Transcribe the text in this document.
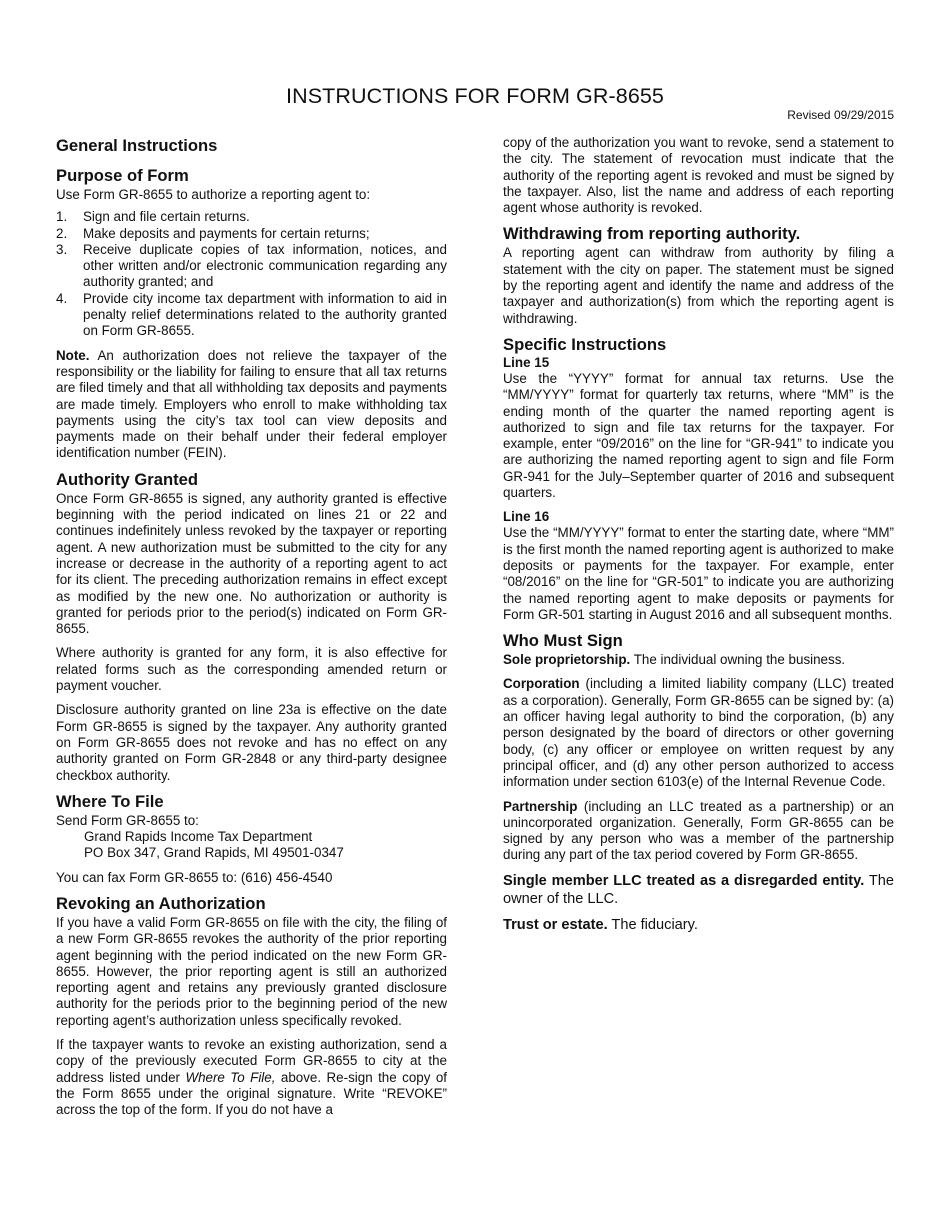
INSTRUCTIONS FOR FORM GR-8655
Revised 09/29/2015
General Instructions
Purpose of Form

Use Form GR-8655 to authorize a reporting agent to:

1.	Sign and file certain returns.
2.	Make deposits and payments for certain returns;
3.	Receive duplicate copies of tax information, notices, and other written and/or electronic communication regarding any authority granted; and
4.	Provide city income tax department with information to aid in penalty relief determinations related to the authority granted on Form GR-8655.

Note. An authorization does not relieve the taxpayer of the responsibility or the liability for failing to ensure that all tax returns are filed timely and that all withholding tax deposits and payments are made timely. Employers who enroll to make withholding tax payments using the city’s tax tool can view deposits and payments made on their behalf under their federal employer identification number (FEIN).

Authority Granted

Once Form GR-8655 is signed, any authority granted is effective beginning with the period indicated on lines 21 or 22 and continues indefinitely unless revoked by the taxpayer or reporting agent. A new authorization must be submitted to the city for any increase or decrease in the authority of a reporting agent to act for its client. The preceding authorization remains in effect except as modified by the new one. No authorization or authority is granted for periods prior to the period(s) indicated on Form GR-8655.

Where authority is granted for any form, it is also effective for related forms such as the corresponding amended return or payment voucher.

Disclosure authority granted on line 23a is effective on the date Form GR-8655 is signed by the taxpayer. Any authority granted on Form GR-8655 does not revoke and has no effect on any authority granted on Form GR-2848 or any third-party designee checkbox authority.

Where To File
Send Form GR-8655 to:
Grand Rapids Income Tax Department
PO Box 347, Grand Rapids, MI 49501-0347

You can fax Form GR-8655 to: (616) 456-4540

Revoking an Authorization

If you have a valid Form GR-8655 on file with the city, the filing of a new Form GR-8655 revokes the authority of the prior reporting agent beginning with the period indicated on the new Form GR-8655. However, the prior reporting agent is still an authorized reporting agent and retains any previously granted disclosure authority for the periods prior to the beginning period of the new reporting agent’s authorization unless specifically revoked.

If the taxpayer wants to revoke an existing authorization, send a copy of the previously executed Form GR-8655 to city at the address listed under Where To File, above. Re-sign the copy of the Form 8655 under the original signature. Write “REVOKE” across the top of the form. If you do not have a

copy of the authorization you want to revoke, send a statement to the city. The statement of revocation must indicate that the authority of the reporting agent is revoked and must be signed by the taxpayer. Also, list the name and address of each reporting agent whose authority is revoked.

Withdrawing from reporting authority.

A reporting agent can withdraw from authority by filing a statement with the city on paper. The statement must be signed by the reporting agent and identify the name and address of the taxpayer and authorization(s) from which the reporting agent is withdrawing.

Specific Instructions
Line 15

Use the “YYYY” format for annual tax returns. Use the “MM/YYYY” format for quarterly tax returns, where “MM” is the ending month of the quarter the named reporting agent is authorized to sign and file tax returns for the taxpayer. For example, enter “09/2016” on the line for “GR-941” to indicate you are authorizing the named reporting agent to sign and file Form GR-941 for the July–September quarter of 2016 and subsequent quarters.

Line 16

Use the “MM/YYYY” format to enter the starting date, where “MM” is the first month the named reporting agent is authorized to make deposits or payments for the taxpayer. For example, enter “08/2016” on the line for “GR-501” to indicate you are authorizing the named reporting agent to make deposits or payments for Form GR-501 starting in August 2016 and all subsequent months.

Who Must Sign

Sole proprietorship. The individual owning the business.

Corporation (including a limited liability company (LLC) treated as a corporation). Generally, Form GR-8655 can be signed by: (a) an officer having legal authority to bind the corporation, (b) any person designated by the board of directors or other governing body, (c) any officer or employee on written request by any principal officer, and (d) any other person authorized to access information under section 6103(e) of the Internal Revenue Code.

Partnership (including an LLC treated as a partnership) or an unincorporated organization. Generally, Form GR-8655 can be signed by any person who was a member of the partnership during any part of the tax period covered by Form GR-8655.

Single member LLC treated as a disregarded entity. The owner of the LLC.

Trust or estate. The fiduciary.
